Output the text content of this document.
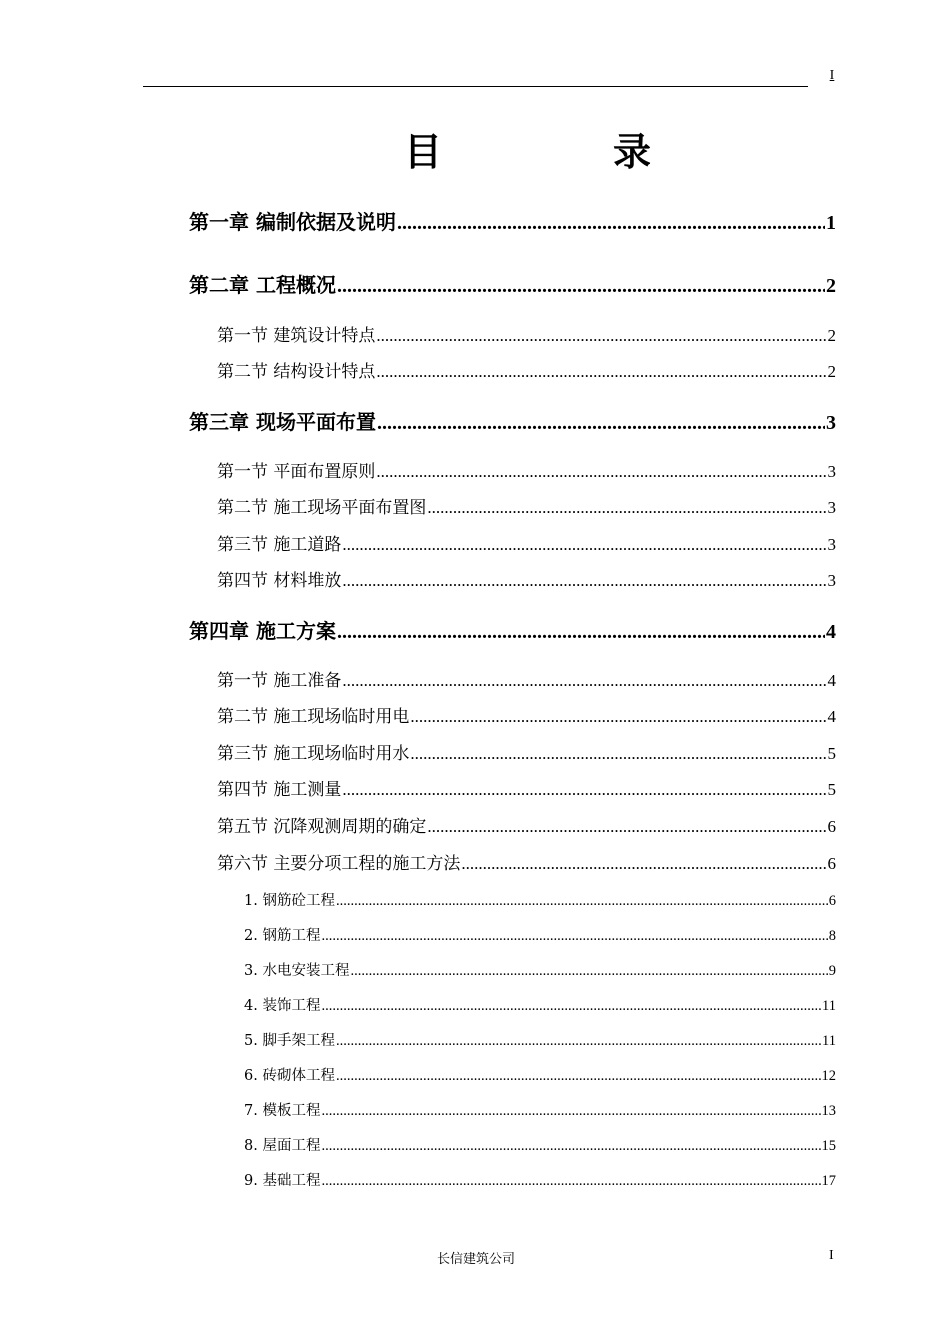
I
目	录
第一章 编制依据及说明 .....	1
第二章 工程概况 .....	2
第一节 建筑设计特点 .....	2
第二节 结构设计特点 .....	2
第三章 现场平面布置 .....	3
第一节 平面布置原则 .....	3
第二节 施工现场平面布置图 .....	3
第三节 施工道路 .....	3
第四节 材料堆放 .....	3
第四章 施工方案 .....	4
第一节 施工准备 .....	4
第二节 施工现场临时用电 .....	4
第三节 施工现场临时用水 .....	5
第四节 施工测量 .....	5
第五节 沉降观测周期的确定 .....	6
第六节 主要分项工程的施工方法 .....	6
1. 钢筋砼工程 .....	6
2. 钢筋工程 .....	8
3. 水电安装工程 .....	9
4. 装饰工程 .....	11
5. 脚手架工程 .....	11
6. 砖砌体工程 .....	12
7. 模板工程 .....	13
8. 屋面工程 .....	15
9. 基础工程 .....	17
长信建筑公司	I
